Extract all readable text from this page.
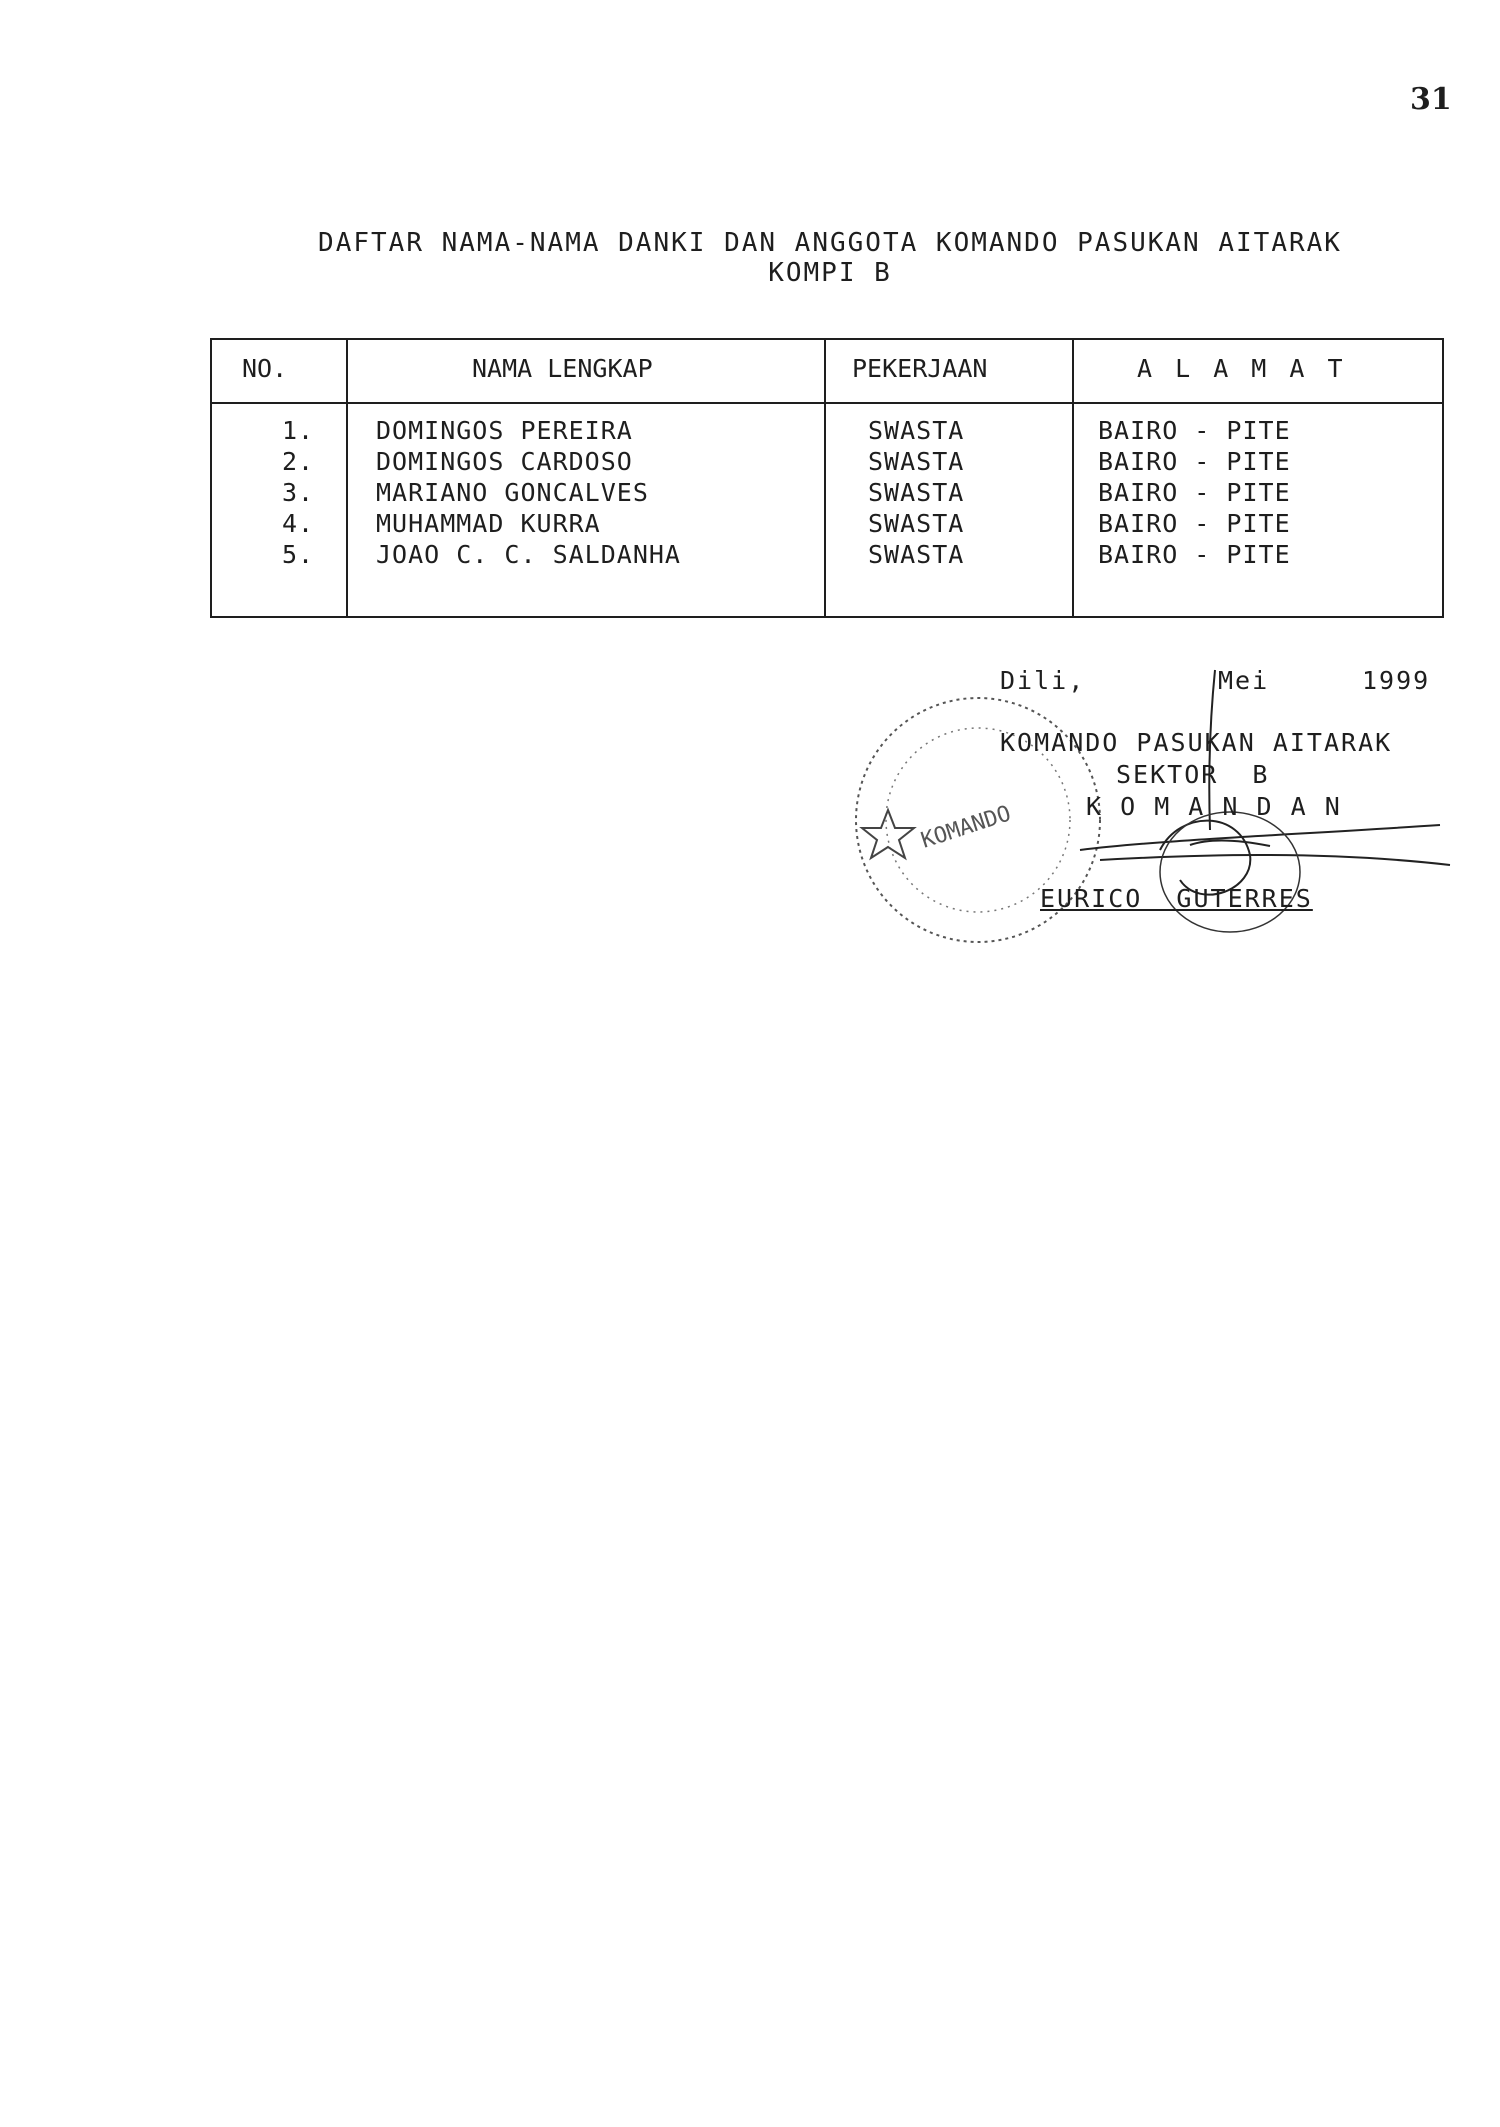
31
DAFTAR NAMA-NAMA DANKI DAN ANGGOTA KOMANDO PASUKAN AITARAK
KOMPI B
NO.	NAMA LENGKAP	PEKERJAAN	A L A M A T
1. DOMINGOS PEREIRA	SWASTA	BAIRO - PITE
2. DOMINGOS CARDOSO	SWASTA	BAIRO - PITE
3. MARIANO GONCALVES	SWASTA	BAIRO - PITE
4. MUHAMMAD KURRA	SWASTA	BAIRO - PITE
5. JOAO C. C. SALDANHA	SWASTA	BAIRO - PITE
KOMANDO
Dili,	Mei	1999
KOMANDO PASUKAN AITARAK
SEKTOR  B
K O M A N D A N
EURICO  GUTERRES
